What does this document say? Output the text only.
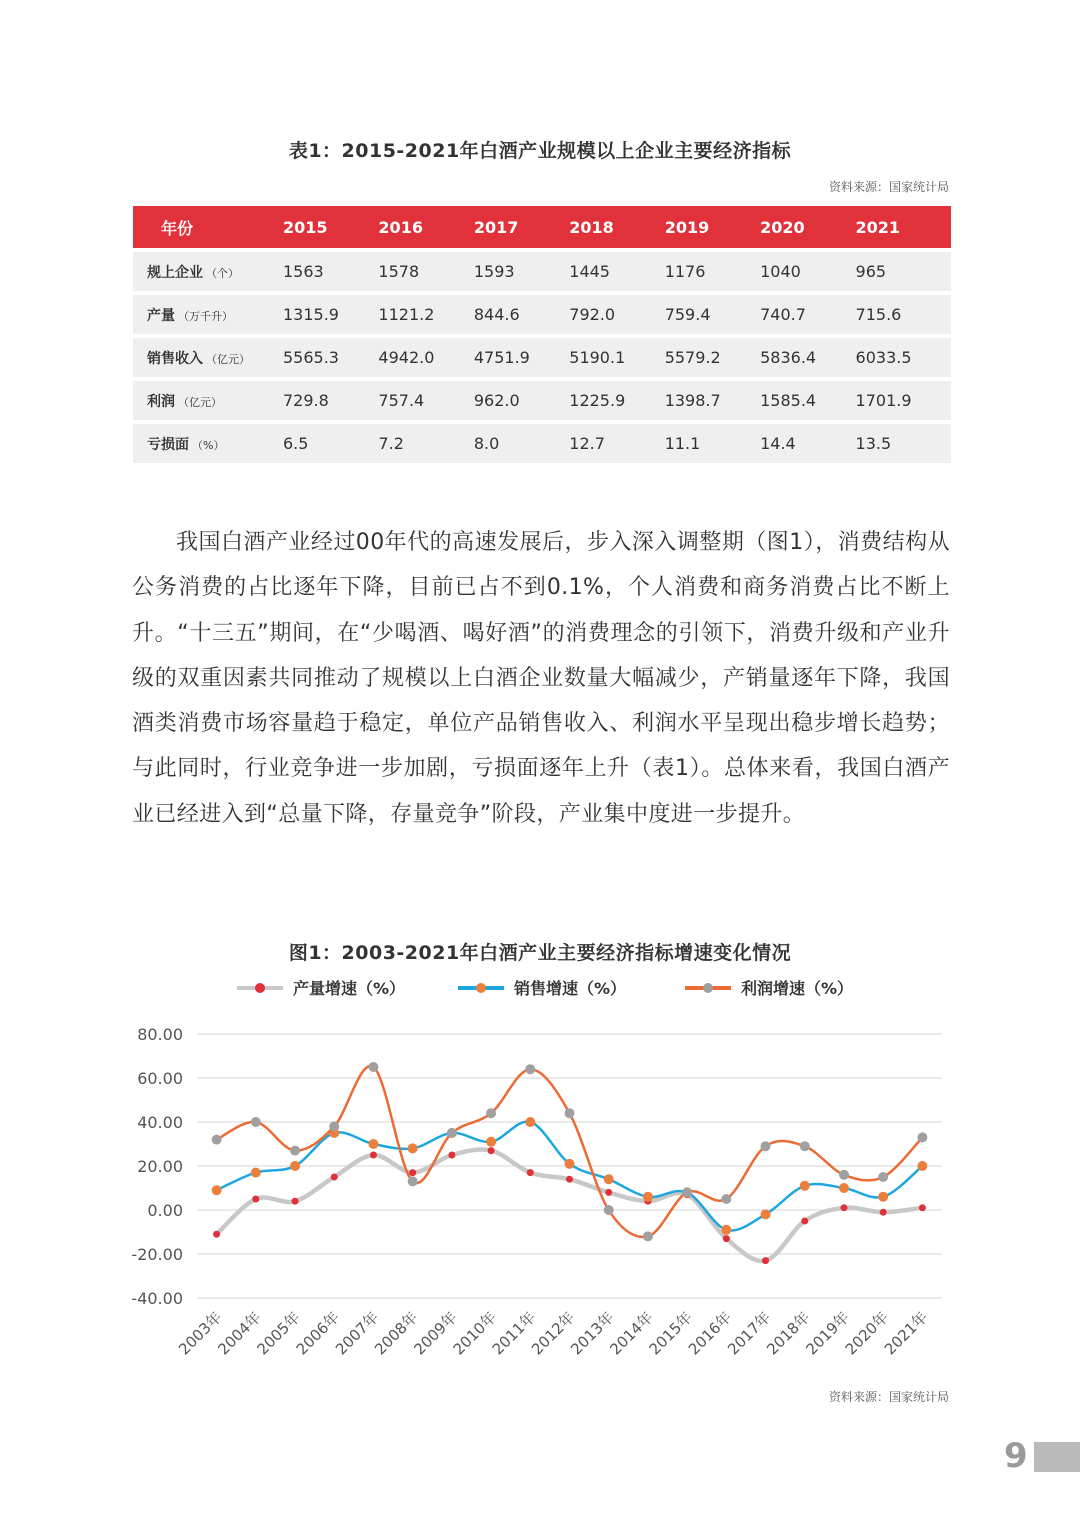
表1：2015-2021年白酒产业规模以上企业主要经济指标
资料来源：国家统计局
年份	2015	2016	2017	2018	2019	2020	2021
规上企业 （个）	1563	1578	1593	1445	1176	1040	965
产量 （万千升）	1315.9	1121.2	844.6	792.0	759.4	740.7	715.6
销售收入 （亿元）	5565.3	4942.0	4751.9	5190.1	5579.2	5836.4	6033.5
利润 （亿元）	729.8	757.4	962.0	1225.9	1398.7	1585.4	1701.9
亏损面 （%）	6.5	7.2	8.0	12.7	11.1	14.4	13.5

我国白酒产业经过00年代的高速发展后，步入深入调整期（图1），消费结构从公务消费的占比逐年下降，目前已占不到0.1%，个人消费和商务消费占比不断上升。“十三五”期间，在“少喝酒、喝好酒”的消费理念的引领下，消费升级和产业升级的双重因素共同推动了规模以上白酒企业数量大幅减少，产销量逐年下降，我国酒类消费市场容量趋于稳定，单位产品销售收入、利润水平呈现出稳步增长趋势；与此同时，行业竞争进一步加剧，亏损面逐年上升（表1）。总体来看，我国白酒产业已经进入到“总量下降，存量竞争”阶段，产业集中度进一步提升。

图1：2003-2021年白酒产业主要经济指标增速变化情况
80.00
60.00
40.00
20.00
0.00
-20.00
-40.00
2003年
2004年
2005年
2006年
2007年
2008年
2009年
2010年
2011年
2012年
2013年
2014年
2015年
2016年
2017年
2018年
2019年
2020年
2021年
产量增速（%）	销售增速（%）	利润增速（%）
资料来源：国家统计局
9
